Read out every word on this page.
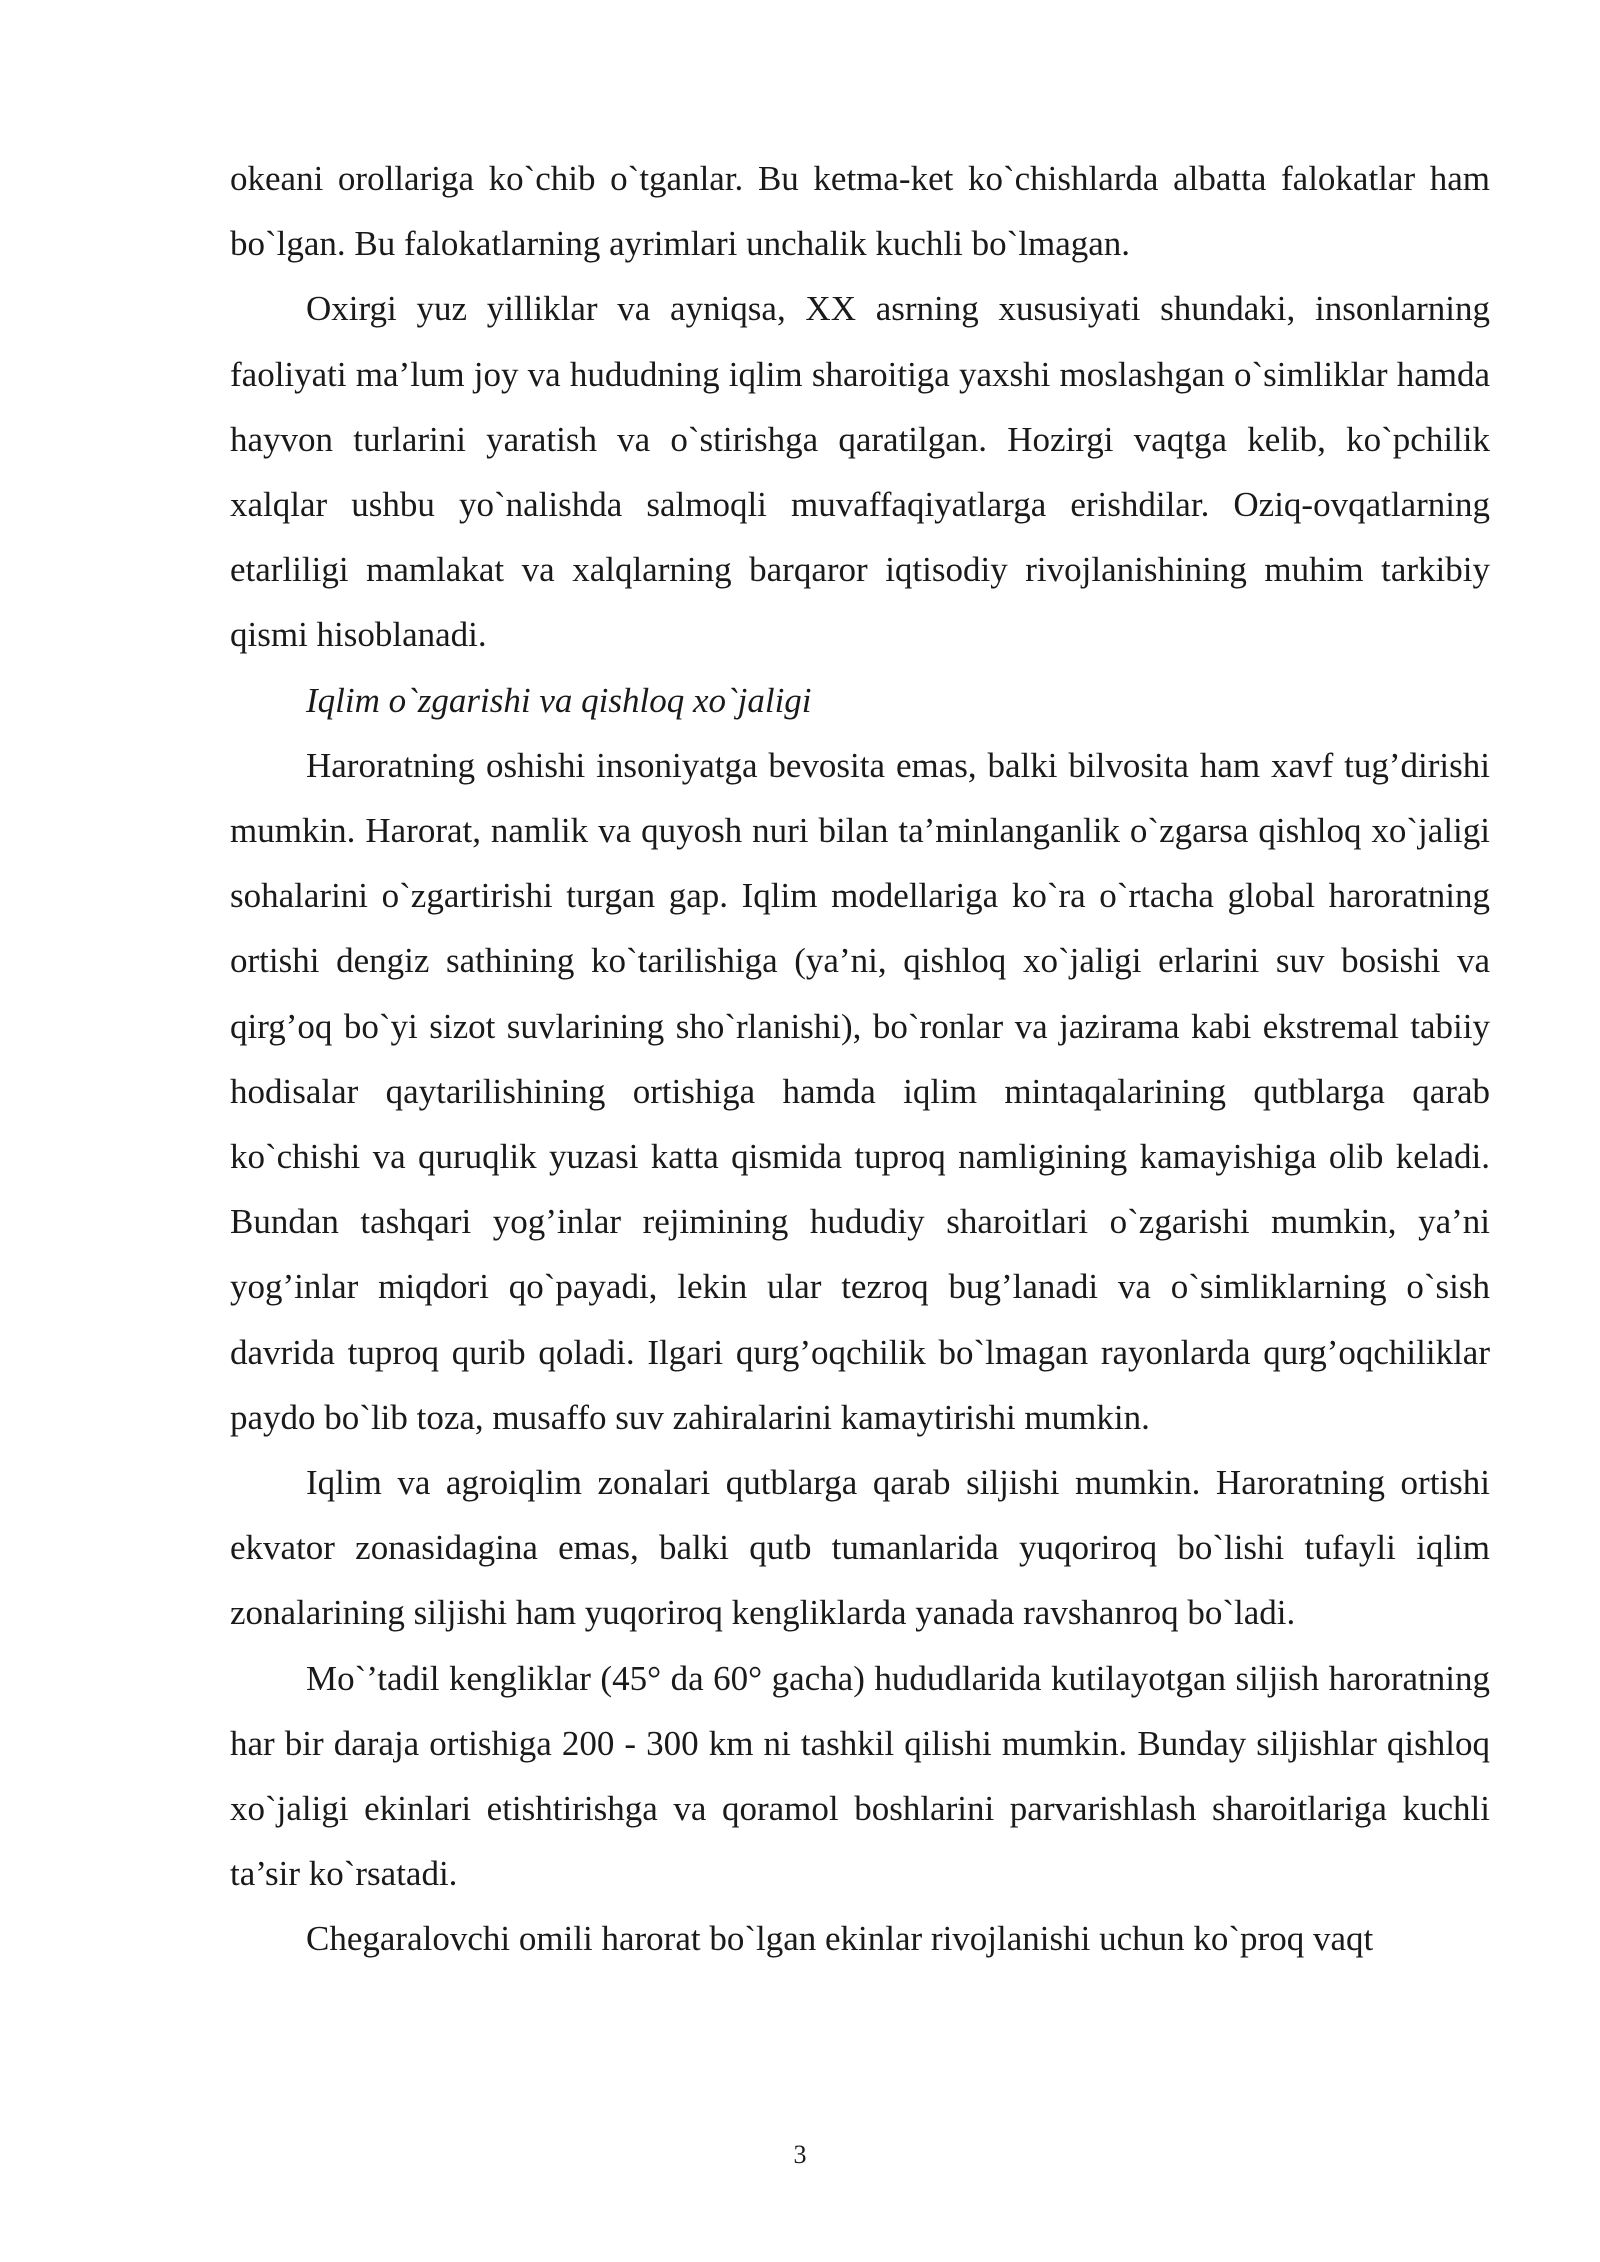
okeani orollariga ko`chib o`tganlar. Bu ketma-ket ko`chishlarda albatta falokatlar ham bo`lgan. Bu falokatlarning ayrimlari unchalik kuchli bo`lmagan.

Oxirgi yuz yilliklar va ayniqsa, XX asrning xususiyati shundaki, insonlarning faoliyati ma’lum joy va hududning iqlim sharoitiga yaxshi moslashgan o`simliklar hamda hayvon turlarini yaratish va o`stirishga qaratilgan. Hozirgi vaqtga kelib, ko`pchilik xalqlar ushbu yo`nalishda salmoqli muvaffaqiyatlarga erishdilar. Oziq-ovqatlarning etarliligi mamlakat va xalqlarning barqaror iqtisodiy rivojlanishining muhim tarkibiy qismi hisoblanadi.

Iqlim o`zgarishi va qishloq xo`jaligi

Haroratning oshishi insoniyatga bevosita emas, balki bilvosita ham xavf tug’dirishi mumkin. Harorat, namlik va quyosh nuri bilan ta’minlanganlik o`zgarsa qishloq xo`jaligi sohalarini o`zgartirishi turgan gap. Iqlim modellariga ko`ra o`rtacha global haroratning ortishi dengiz sathining ko`tarilishiga (ya’ni, qishloq xo`jaligi erlarini suv bosishi va qirg’oq bo`yi sizot suvlarining sho`rlanishi), bo`ronlar va jazirama kabi ekstremal tabiiy hodisalar qaytarilishining ortishiga hamda iqlim mintaqalarining qutblarga qarab ko`chishi va quruqlik yuzasi katta qismida tuproq namligining kamayishiga olib keladi. Bundan tashqari yog’inlar rejimining hududiy sharoitlari o`zgarishi mumkin, ya’ni yog’inlar miqdori qo`payadi, lekin ular tezroq bug’lanadi va o`simliklarning o`sish davrida tuproq qurib qoladi. Ilgari qurg’oqchilik bo`lmagan rayonlarda qurg’oqchiliklar paydo bo`lib toza, musaffo suv zahiralarini kamaytirishi mumkin.

Iqlim va agroiqlim zonalari qutblarga qarab siljishi mumkin. Haroratning ortishi ekvator zonasidagina emas, balki qutb tumanlarida yuqoriroq bo`lishi tufayli iqlim zonalarining siljishi ham yuqoriroq kengliklarda yanada ravshanroq bo`ladi.

Mo`’tadil kengliklar (45° da 60° gacha) hududlarida kutilayotgan siljish haroratning har bir daraja ortishiga 200 - 300 km ni tashkil qilishi mumkin. Bunday siljishlar qishloq xo`jaligi ekinlari etishtirishga va qoramol boshlarini parvarishlash sharoitlariga kuchli ta’sir ko`rsatadi.

Chegaralovchi omili harorat bo`lgan ekinlar rivojlanishi uchun ko`proq vaqt

3
